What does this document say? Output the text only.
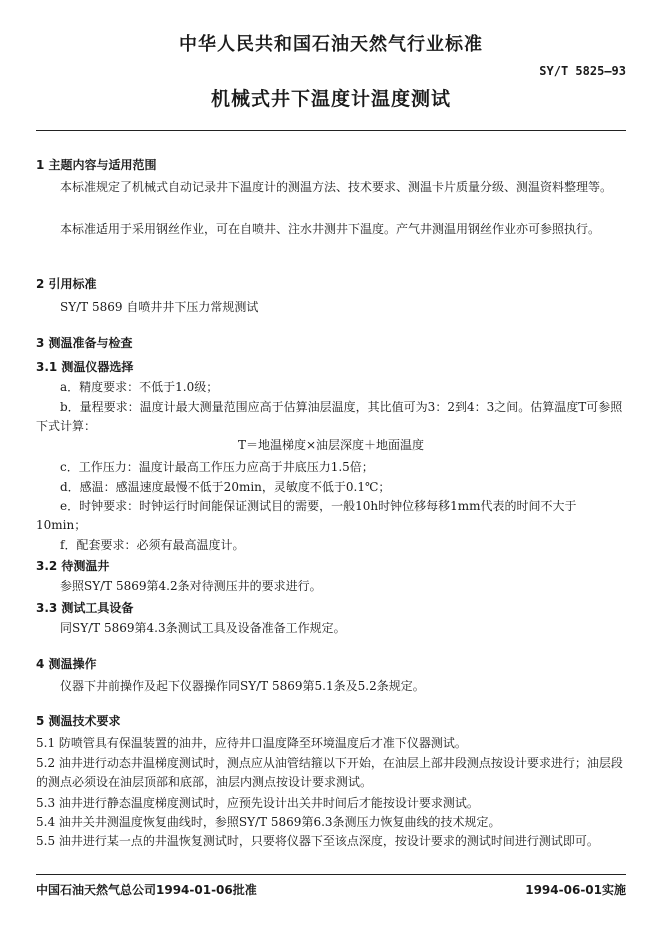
中华人民共和国石油天然气行业标准
SY/T 5825—93
机械式井下温度计温度测试
1 主题内容与适用范围
本标准规定了机械式自动记录井下温度计的测温方法、技术要求、测温卡片质量分级、测温资料整理等。
本标准适用于采用钢丝作业，可在自喷井、注水井测井下温度。产气井测温用钢丝作业亦可参照执行。
2 引用标准
SY/T 5869 自喷井井下压力常规测试
3 测温准备与检查
3.1 测温仪器选择
a．精度要求：不低于1.0级；
b．量程要求：温度计最大测量范围应高于估算油层温度，其比值可为3：2到4：3之间。估算温度T可参照下式计算：
T＝地温梯度×油层深度＋地面温度
c．工作压力：温度计最高工作压力应高于井底压力1.5倍；
d．感温：感温速度最慢不低于20min，灵敏度不低于0.1℃；
e．时钟要求：时钟运行时间能保证测试目的需要，一般10h时钟位移每移1mm代表的时间不大于10min；
f．配套要求：必须有最高温度计。
3.2 待测温井
参照SY/T 5869第4.2条对待测压井的要求进行。
3.3 测试工具设备
同SY/T 5869第4.3条测试工具及设备准备工作规定。
4 测温操作
仪器下井前操作及起下仪器操作同SY/T 5869第5.1条及5.2条规定。
5 测温技术要求
5.1 防喷管具有保温装置的油井，应待井口温度降至环境温度后才准下仪器测试。
5.2 油井进行动态井温梯度测试时，测点应从油管结箍以下开始，在油层上部井段测点按设计要求进行；油层段的测点必须设在油层顶部和底部，油层内测点按设计要求测试。
5.3 油井进行静态温度梯度测试时，应预先设计出关井时间后才能按设计要求测试。
5.4 油井关井测温度恢复曲线时，参照SY/T 5869第6.3条测压力恢复曲线的技术规定。
5.5 油井进行某一点的井温恢复测试时，只要将仪器下至该点深度，按设计要求的测试时间进行测试即可。
中国石油天然气总公司1994-01-06批准	1994-06-01实施
